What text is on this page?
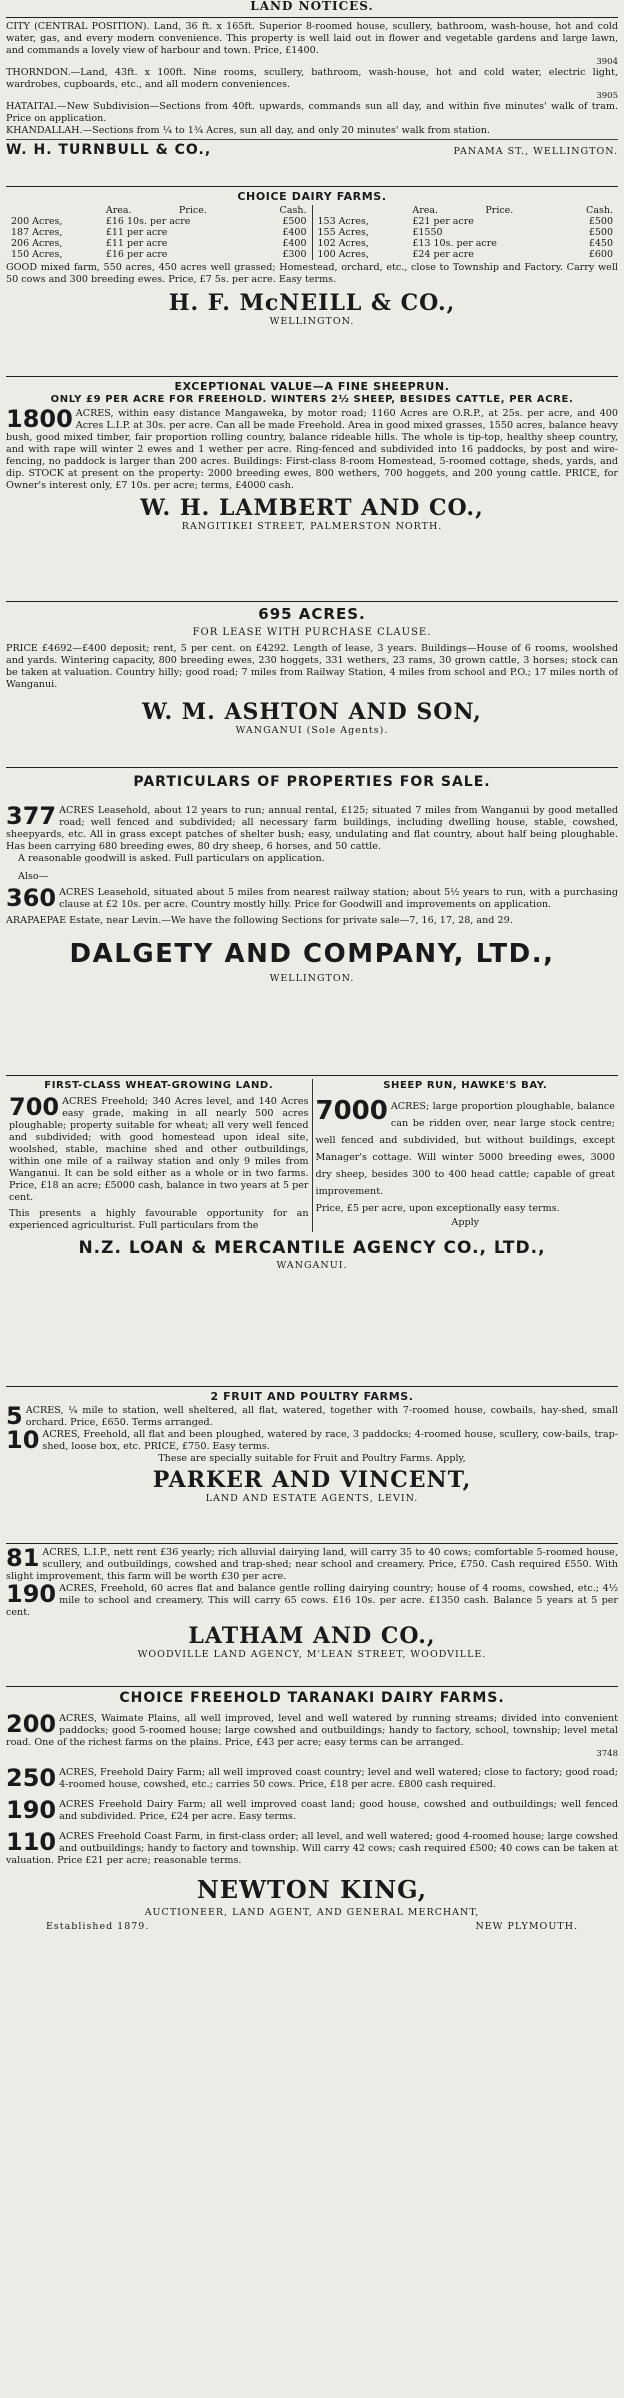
LAND NOTICES.

CITY (CENTRAL POSITION). Land, 36 ft. x 165ft. Superior 8-roomed house, scullery, bathroom, wash-house, hot and cold water, gas, and every modern convenience. This property is well laid out in flower and vegetable gardens and large lawn, and commands a lovely view of harbour and town. Price, £1400.

3904

THORNDON.—Land, 43ft. x 100ft. Nine rooms, scullery, bathroom, wash-house, hot and cold water, electric light, wardrobes, cupboards, etc., and all modern conveniences.

3905

HATAITAI.—New Subdivision—Sections from 40ft. upwards, commands sun all day, and within five minutes' walk of tram. Price on application.

KHANDALLAH.—Sections from ¼ to 1¾ Acres, sun all day, and only 20 minutes' walk from station.

W. H. TURNBULL & CO.,	PANAMA ST., WELLINGTON.
CHOICE DAIRY FARMS.
	Area.	Price.	Cash.
200 Acres,	£16 10s. per acre		£500
187 Acres,	£11 per acre		£400
206 Acres,	£11 per acre		£400
150 Acres,	£16 per acre		£300
	Area.	Price.	Cash.
153 Acres,	£21 per acre		£500
155 Acres,	£1550		£500
102 Acres,	£13 10s. per acre		£450
100 Acres,	£24 per acre		£600

GOOD mixed farm, 550 acres, 450 acres well grassed; Homestead, orchard, etc., close to Township and Factory. Carry well 50 cows and 300 breeding ewes. Price, £7 5s. per acre. Easy terms.

H. F. McNEILL & CO.,
WELLINGTON.
EXCEPTIONAL VALUE—A FINE SHEEPRUN.
ONLY £9 PER ACRE FOR FREEHOLD. WINTERS 2½ SHEEP, BESIDES CATTLE, PER ACRE.

1800 ACRES, within easy distance Mangaweka, by motor road; 1160 Acres are O.R.P., at 25s. per acre, and 400 Acres L.I.P. at 30s. per acre. Can all be made Freehold. Area in good mixed grasses, 1550 acres, balance heavy bush, good mixed timber, fair proportion rolling country, balance rideable hills. The whole is tip-top, healthy sheep country, and with rape will winter 2 ewes and 1 wether per acre. Ring-fenced and subdivided into 16 paddocks, by post and wire-fencing, no paddock is larger than 200 acres. Buildings: First-class 8-room Homestead, 5-roomed cottage, sheds, yards, and dip. STOCK at present on the property: 2000 breeding ewes, 800 wethers, 700 hoggets, and 200 young cattle. PRICE, for Owner's interest only, £7 10s. per acre; terms, £4000 cash.

W. H. LAMBERT AND CO.,
RANGITIKEI STREET, PALMERSTON NORTH.
695 ACRES.
FOR LEASE WITH PURCHASE CLAUSE.

PRICE £4692—£400 deposit; rent, 5 per cent. on £4292. Length of lease, 3 years. Buildings—House of 6 rooms, woolshed and yards. Wintering capacity, 800 breeding ewes, 230 hoggets, 331 wethers, 23 rams, 30 grown cattle, 3 horses; stock can be taken at valuation. Country hilly; good road; 7 miles from Railway Station, 4 miles from school and P.O.; 17 miles north of Wanganui.

W. M. ASHTON AND SON,
WANGANUI (Sole Agents).
PARTICULARS OF PROPERTIES FOR SALE.

377 ACRES Leasehold, about 12 years to run; annual rental, £125; situated 7 miles from Wanganui by good metalled road; well fenced and subdivided; all necessary farm buildings, including dwelling house, stable, cowshed, sheepyards, etc. All in grass except patches of shelter bush; easy, undulating and flat country, about half being ploughable. Has been carrying 680 breeding ewes, 80 dry sheep, 6 horses, and 50 cattle.

A reasonable goodwill is asked. Full particulars on application.

Also—

360 ACRES Leasehold, situated about 5 miles from nearest railway station; about 5½ years to run, with a purchasing clause at £2 10s. per acre. Country mostly hilly. Price for Goodwill and improvements on application.

ARAPAEPAE Estate, near Levin.—We have the following Sections for private sale—7, 16, 17, 28, and 29.

DALGETY AND COMPANY, LTD.,
WELLINGTON.
FIRST-CLASS WHEAT-GROWING LAND.

700 ACRES Freehold; 340 Acres level, and 140 Acres easy grade, making in all nearly 500 acres ploughable; property suitable for wheat; all very well fenced and subdivided; with good homestead upon ideal site, woolshed, stable, machine shed and other outbuildings, within one mile of a railway station and only 9 miles from Wanganui. It can be sold either as a whole or in two farms. Price, £18 an acre; £5000 cash, balance in two years at 5 per cent.

This presents a highly favourable opportunity for an experienced agriculturist. Full particulars from the

SHEEP RUN, HAWKE'S BAY.

7000 ACRES; large proportion ploughable, balance can be ridden over, near large stock centre; well fenced and subdivided, but without buildings, except Manager's cottage. Will winter 5000 breeding ewes, 3000 dry sheep, besides 300 to 400 head cattle; capable of great improvement.

Price, £5 per acre, upon exceptionally easy terms.

Apply

N.Z. LOAN & MERCANTILE AGENCY CO., LTD.,
WANGANUI.
2 FRUIT AND POULTRY FARMS.

5 ACRES, ¼ mile to station, well sheltered, all flat, watered, together with 7-roomed house, cowbails, hay-shed, small orchard. Price, £650. Terms arranged.

10 ACRES, Freehold, all flat and been ploughed, watered by race, 3 paddocks; 4-roomed house, scullery, cow-bails, trap-shed, loose box, etc. PRICE, £750. Easy terms.

These are specially suitable for Fruit and Poultry Farms. Apply,

PARKER AND VINCENT,
LAND AND ESTATE AGENTS, LEVIN.

81 ACRES, L.I.P., nett rent £36 yearly; rich alluvial dairying land, will carry 35 to 40 cows; comfortable 5-roomed house, scullery, and outbuildings, cowshed and trap-shed; near school and creamery. Price, £750. Cash required £550. With slight improvement, this farm will be worth £30 per acre.

190 ACRES, Freehold, 60 acres flat and balance gentle rolling dairying country; house of 4 rooms, cowshed, etc.; 4½ mile to school and creamery. This will carry 65 cows. £16 10s. per acre. £1350 cash. Balance 5 years at 5 per cent.

LATHAM AND CO.,
WOODVILLE LAND AGENCY, M'LEAN STREET, WOODVILLE.
CHOICE FREEHOLD TARANAKI DAIRY FARMS.

200 ACRES, Waimate Plains, all well improved, level and well watered by running streams; divided into convenient paddocks; good 5-roomed house; large cowshed and outbuildings; handy to factory, school, township; level metal road. One of the richest farms on the plains. Price, £43 per acre; easy terms can be arranged.

3748

250 ACRES, Freehold Dairy Farm; all well improved coast country; level and well watered; close to factory; good road; 4-roomed house, cowshed, etc.; carries 50 cows. Price, £18 per acre. £800 cash required.

190 ACRES Freehold Dairy Farm; all well improved coast land; good house, cowshed and outbuildings; well fenced and subdivided. Price, £24 per acre. Easy terms.

110 ACRES Freehold Coast Farm, in first-class order; all level, and well watered; good 4-roomed house; large cowshed and outbuildings; handy to factory and township. Will carry 42 cows; cash required £500; 40 cows can be taken at valuation. Price £21 per acre; reasonable terms.

NEWTON KING,
AUCTIONEER, LAND AGENT, AND GENERAL MERCHANT,
Established 1879.	NEW PLYMOUTH.
